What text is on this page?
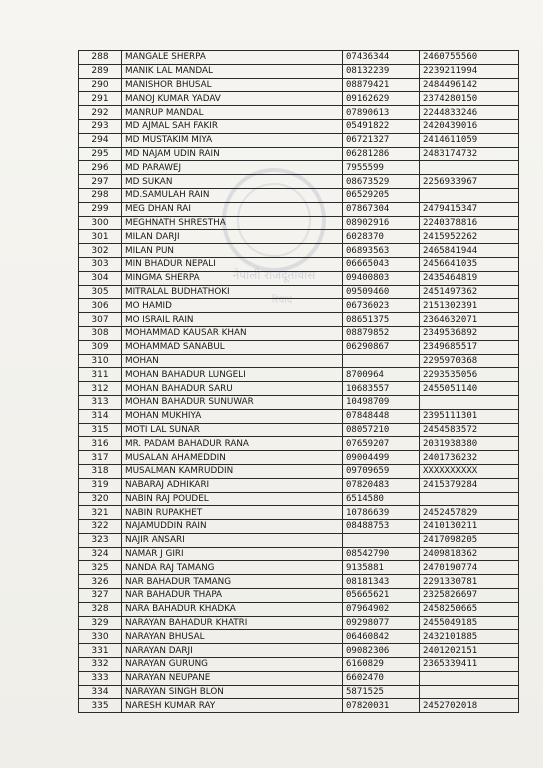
नेपाली राजदूतावास
रियाद
288	MANGALE SHERPA	07436344	2460755560
289	MANIK LAL MANDAL	08132239	2239211994
290	MANISHOR BHUSAL	08879421	2484496142
291	MANOJ KUMAR YADAV	09162629	2374280150
292	MANRUP MANDAL	07890613	2244833246
293	MD AJMAL SAH FAKIR	05491822	2420439016
294	MD MUSTAKIM MIYA	06721327	2414611059
295	MD NAJAM UDIN RAIN	06281286	2483174732
296	MD PARAWEJ	7955599	
297	MD SUKAN	08673529	2256933967
298	MD.SAMULAH RAIN	06529205	
299	MEG DHAN RAI	07867304	2479415347
300	MEGHNATH SHRESTHA	08902916	2240378816
301	MILAN DARJI	6028370	2415952262
302	MILAN PUN	06893563	2465841944
303	MIN BHADUR NEPALI	06665043	2456641035
304	MINGMA SHERPA	09400803	2435464819
305	MITRALAL BUDHATHOKI	09509460	2451497362
306	MO HAMID	06736023	2151302391
307	MO ISRAIL RAIN	08651375	2364632071
308	MOHAMMAD KAUSAR KHAN	08879852	2349536892
309	MOHAMMAD SANABUL	06290867	2349685517
310	MOHAN		2295970368
311	MOHAN BAHADUR LUNGELI	8700964	2293535056
312	MOHAN BAHADUR SARU	10683557	2455051140
313	MOHAN BAHADUR SUNUWAR	10498709	
314	MOHAN MUKHIYA	07848448	2395111301
315	MOTI LAL SUNAR	08057210	2454583572
316	MR. PADAM BAHADUR RANA	07659207	2031938380
317	MUSALAN AHAMEDDIN	09004499	2401736232
318	MUSALMAN KAMRUDDIN	09709659	XXXXXXXXXX
319	NABARAJ ADHIKARI	07820483	2415379284
320	NABIN RAJ POUDEL	6514580	
321	NABIN RUPAKHET	10786639	2452457829
322	NAJAMUDDIN RAIN	08488753	2410130211
323	NAJIR ANSARI		2417098205
324	NAMAR J GIRI	08542790	2409818362
325	NANDA RAJ TAMANG	9135881	2470190774
326	NAR BAHADUR TAMANG	08181343	2291330781
327	NAR BAHADUR THAPA	05665621	2325826697
328	NARA BAHADUR KHADKA	07964902	2458250665
329	NARAYAN BAHADUR KHATRI	09298077	2455049185
330	NARAYAN BHUSAL	06460842	2432101885
331	NARAYAN DARJI	09082306	2401202151
332	NARAYAN GURUNG	6160829	2365339411
333	NARAYAN NEUPANE	6602470	
334	NARAYAN SINGH BLON	5871525	
335	NARESH KUMAR RAY	07820031	2452702018
